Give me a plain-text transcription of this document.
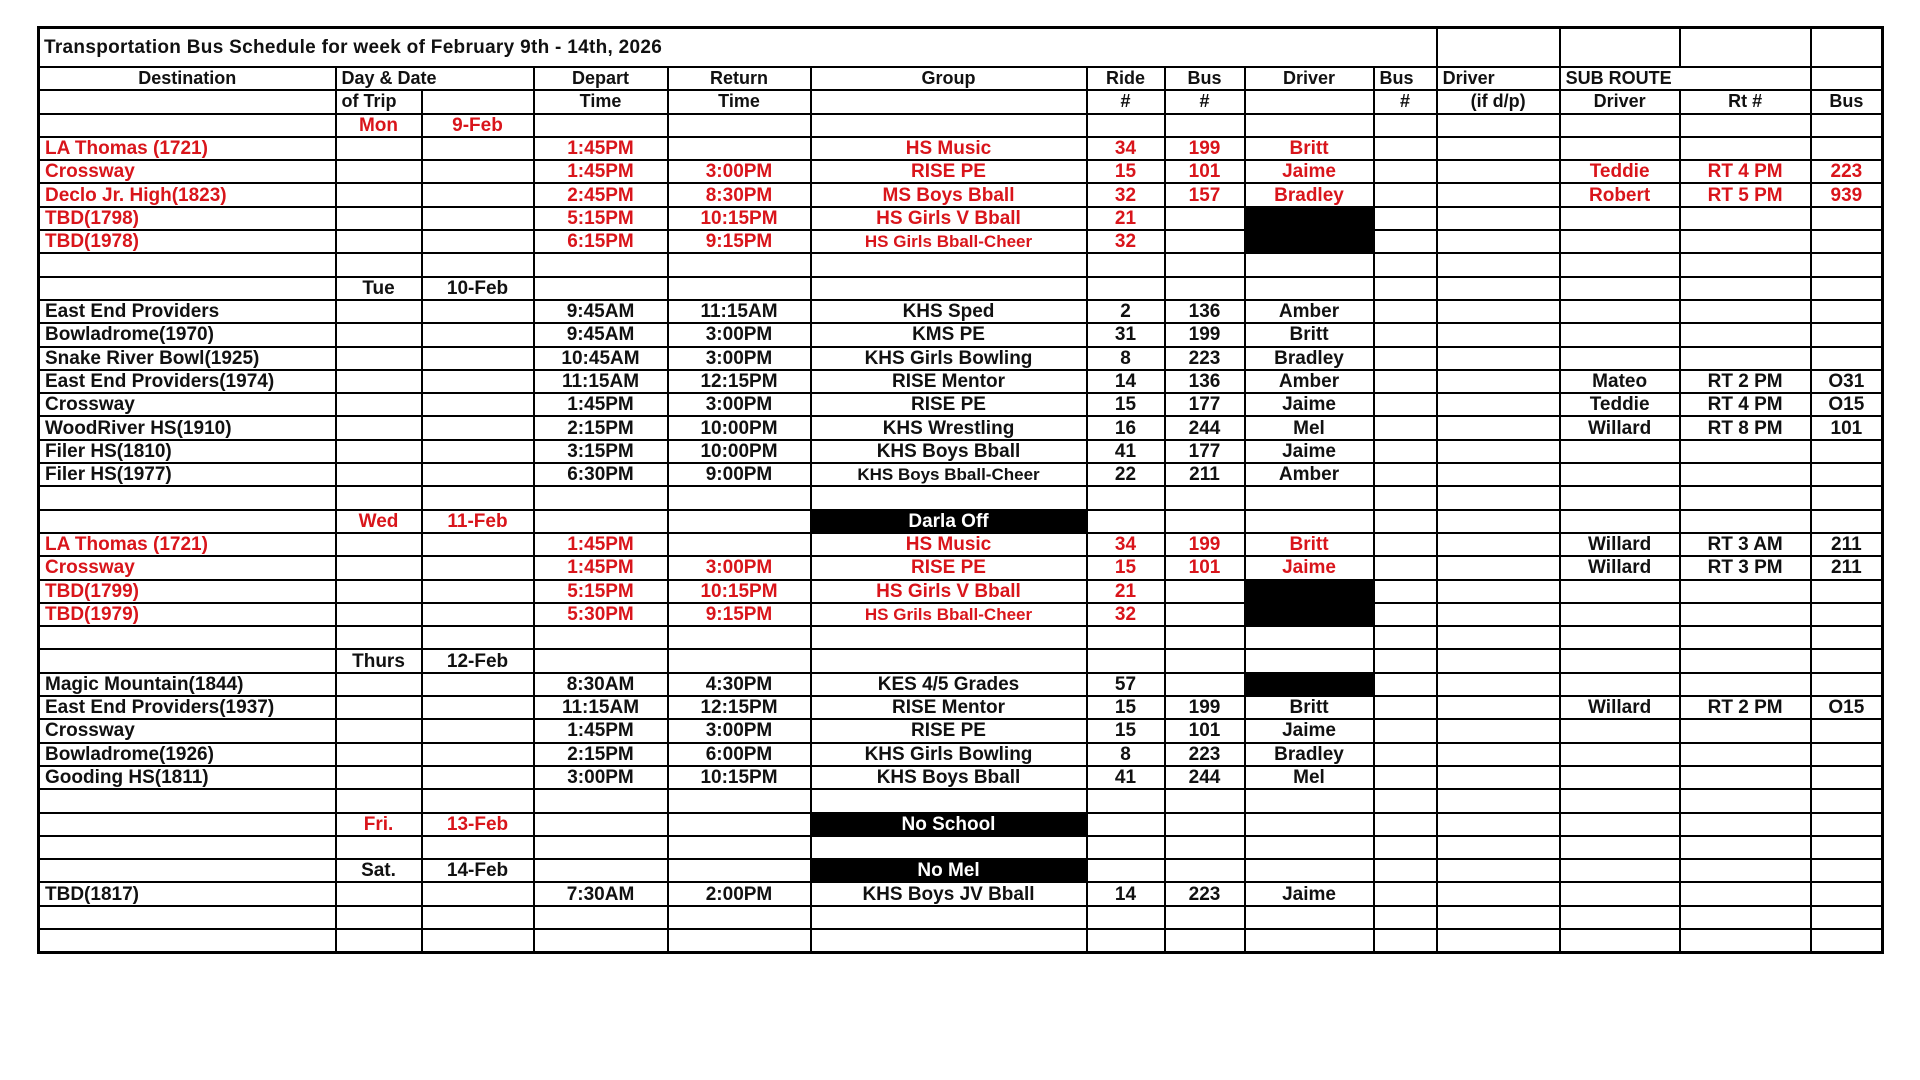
Transportation Bus Schedule for week of February 9th - 14th, 2026													
Destination	Day & Date		Depart	Return	Group	Ride	Bus	Driver	Bus	Driver	SUB ROUTE		
	of Trip		Time	Time		#	#		#	(if d/p)	Driver	Rt #	Bus
	Mon	9-Feb											
LA Thomas (1721)			1:45PM		HS Music	34	199	Britt					
Crossway			1:45PM	3:00PM	RISE PE	15	101	Jaime			Teddie	RT 4 PM	223
Declo Jr. High(1823)			2:45PM	8:30PM	MS Boys Bball	32	157	Bradley			Robert	RT 5 PM	939
TBD(1798)			5:15PM	10:15PM	HS Girls V Bball	21							
TBD(1978)			6:15PM	9:15PM	HS Girls Bball-Cheer	32							

	Tue	10-Feb											
East End Providers			9:45AM	11:15AM	KHS Sped	2	136	Amber					
Bowladrome(1970)			9:45AM	3:00PM	KMS PE	31	199	Britt					
Snake River Bowl(1925)			10:45AM	3:00PM	KHS Girls Bowling	8	223	Bradley					
East End Providers(1974)			11:15AM	12:15PM	RISE Mentor	14	136	Amber			Mateo	RT 2 PM	O31
Crossway			1:45PM	3:00PM	RISE PE	15	177	Jaime			Teddie	RT 4 PM	O15
WoodRiver HS(1910)			2:15PM	10:00PM	KHS Wrestling	16	244	Mel			Willard	RT 8 PM	101
Filer HS(1810)			3:15PM	10:00PM	KHS Boys Bball	41	177	Jaime					
Filer HS(1977)			6:30PM	9:00PM	KHS Boys Bball-Cheer	22	211	Amber					

	Wed	11-Feb			Darla Off								
LA Thomas (1721)			1:45PM		HS Music	34	199	Britt			Willard	RT 3 AM	211
Crossway			1:45PM	3:00PM	RISE PE	15	101	Jaime			Willard	RT 3 PM	211
TBD(1799)			5:15PM	10:15PM	HS Girls V Bball	21							
TBD(1979)			5:30PM	9:15PM	HS Grils Bball-Cheer	32							

	Thurs	12-Feb											
Magic Mountain(1844)			8:30AM	4:30PM	KES 4/5 Grades	57							
East End Providers(1937)			11:15AM	12:15PM	RISE Mentor	15	199	Britt			Willard	RT 2 PM	O15
Crossway			1:45PM	3:00PM	RISE PE	15	101	Jaime					
Bowladrome(1926)			2:15PM	6:00PM	KHS Girls Bowling	8	223	Bradley					
Gooding HS(1811)			3:00PM	10:15PM	KHS Boys Bball	41	244	Mel					

	Fri.	13-Feb			No School								

	Sat.	14-Feb			No Mel								
TBD(1817)			7:30AM	2:00PM	KHS Boys JV Bball	14	223	Jaime					
